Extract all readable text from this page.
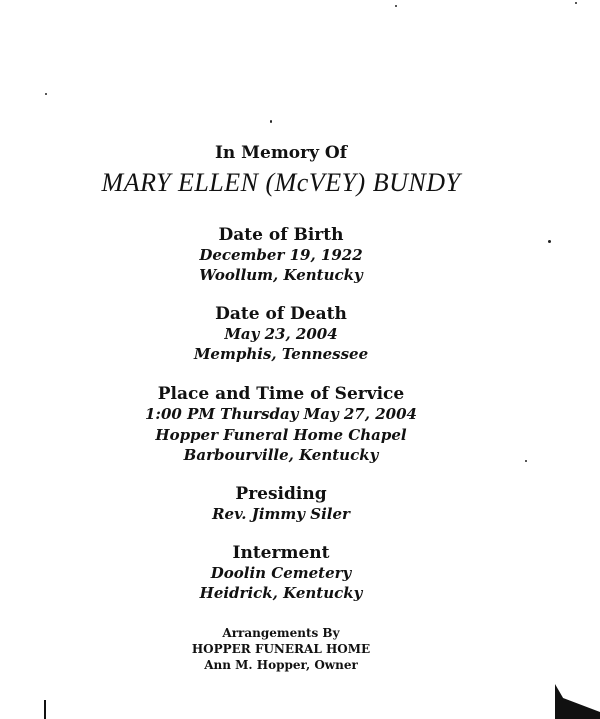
In Memory Of
MARY ELLEN (McVEY) BUNDY
Date of Birth
December 19, 1922
Woollum, Kentucky
Date of Death
May 23, 2004
Memphis, Tennessee
Place and Time of Service
1:00 PM Thursday May 27, 2004
Hopper Funeral Home Chapel
Barbourville, Kentucky
Presiding
Rev. Jimmy Siler
Interment
Doolin Cemetery
Heidrick, Kentucky
Arrangements By
HOPPER FUNERAL HOME
Ann M. Hopper, Owner
